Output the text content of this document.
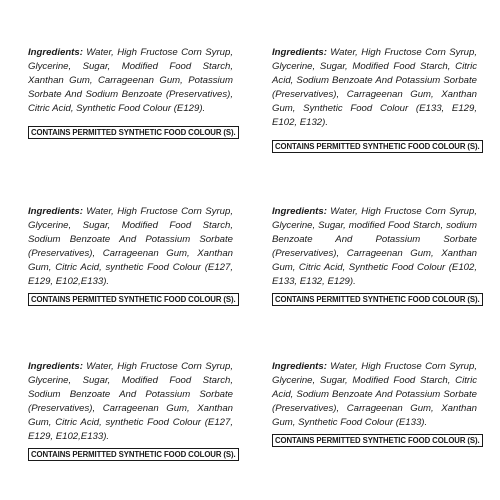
Ingredients: Water, High Fructose Corn Syrup, Glycerine, Sugar, Modified Food Starch, Xanthan Gum, Carrageenan Gum, Potassium Sorbate And Sodium Benzoate (Preservatives), Citric Acid, Synthetic Food Colour (E129).

CONTAINS PERMITTED SYNTHETIC FOOD COLOUR (S).

Ingredients: Water, High Fructose Corn Syrup, Glycerine, Sugar, Modified Food Starch, Citric Acid, Sodium Benzoate And Potassium Sorbate (Preservatives), Carrageenan Gum, Xanthan Gum, Synthetic Food Colour (E133, E129, E102, E132).

CONTAINS PERMITTED SYNTHETIC FOOD COLOUR (S).

Ingredients: Water, High Fructose Corn Syrup, Glycerine, Sugar, Modified Food Starch, Sodium Benzoate And Potassium Sorbate (Preservatives), Carrageenan Gum, Xanthan Gum, Citric Acid, synthetic Food Colour (E127, E129, E102,E133).

CONTAINS PERMITTED SYNTHETIC FOOD COLOUR (S).

Ingredients: Water, High Fructose Corn Syrup, Glycerine, Sugar, modified Food Starch, sodium Benzoate And Potassium Sorbate (Preservatives), Carrageenan Gum, Xanthan Gum, Citric Acid, Synthetic Food Colour (E102, E133, E132, E129).

CONTAINS PERMITTED SYNTHETIC FOOD COLOUR (S).

Ingredients: Water, High Fructose Corn Syrup, Glycerine, Sugar, Modified Food Starch, Sodium Benzoate And Potassium Sorbate (Preservatives), Carrageenan Gum, Xanthan Gum, Citric Acid, synthetic Food Colour (E127, E129, E102,E133).

CONTAINS PERMITTED SYNTHETIC FOOD COLOUR (S).

Ingredients: Water, High Fructose Corn Syrup, Glycerine, Sugar, Modified Food Starch, Citric Acid, Sodium Benzoate And Potassium Sorbate (Preservatives), Carrageenan Gum, Xanthan Gum, Synthetic Food Colour (E133).

CONTAINS PERMITTED SYNTHETIC FOOD COLOUR (S).
